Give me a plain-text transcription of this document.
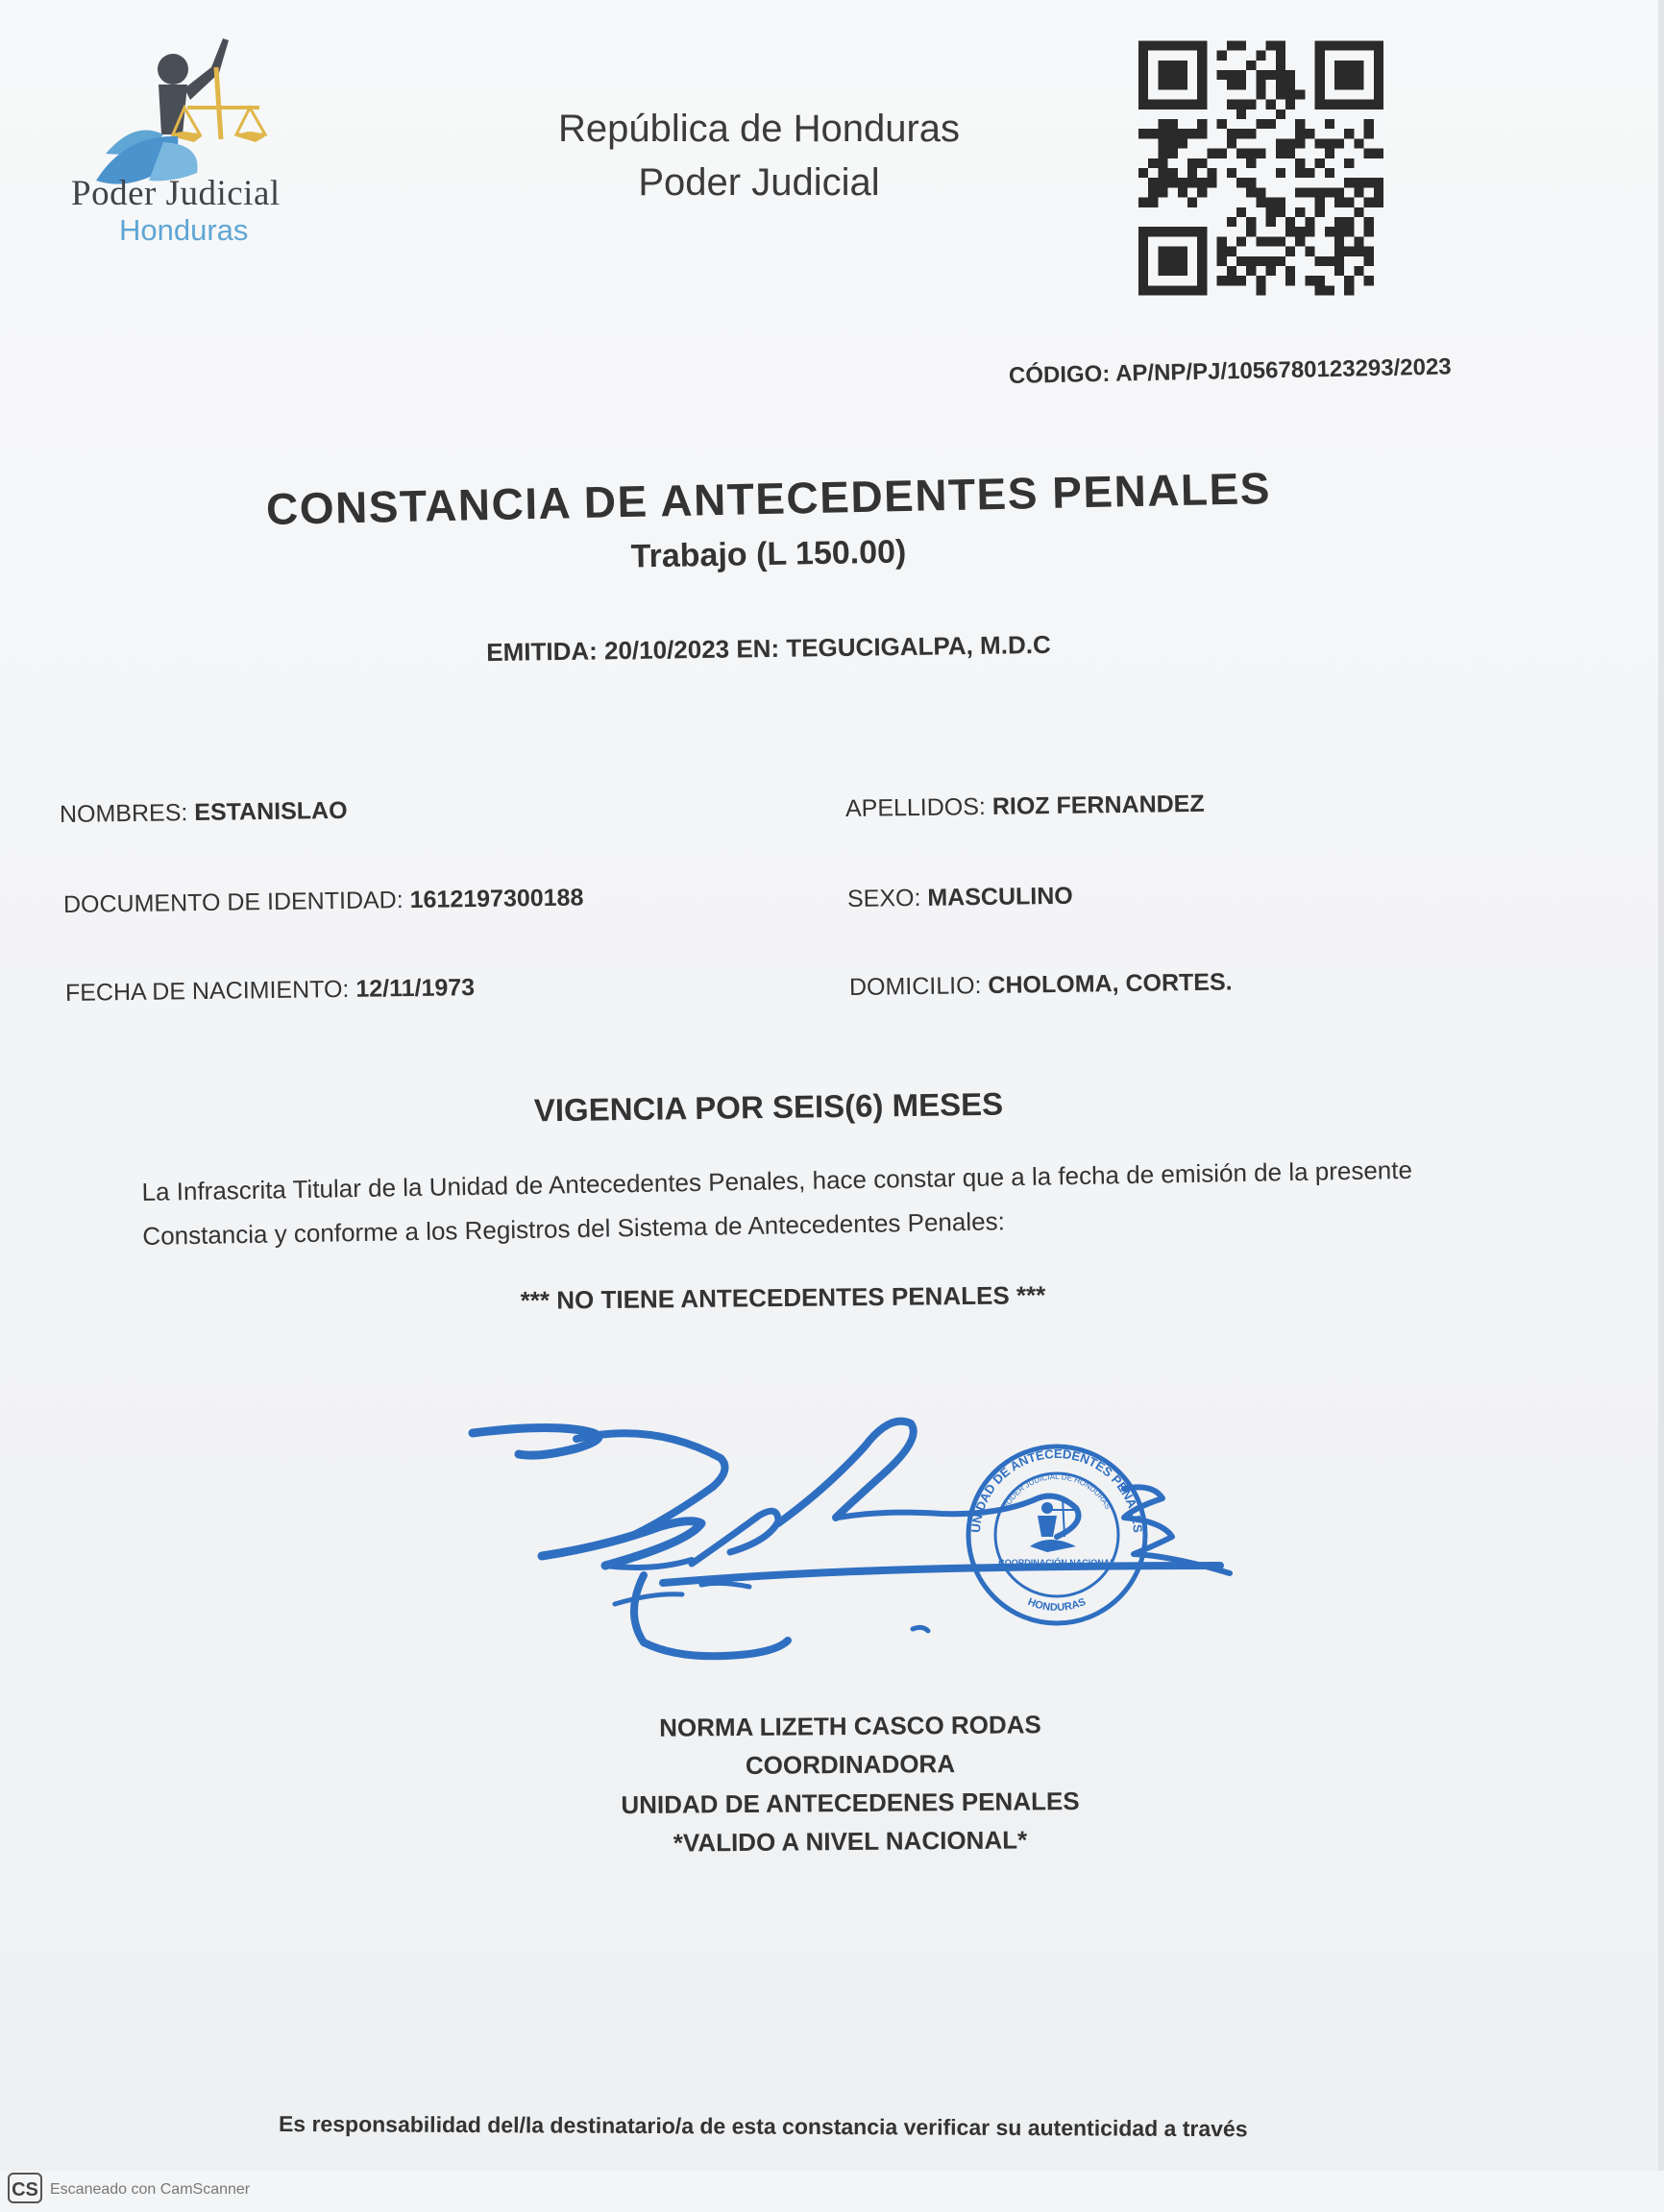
Poder Judicial
Honduras
República de Honduras
Poder Judicial
CÓDIGO: AP/NP/PJ/1056780123293/2023
CONSTANCIA DE ANTECEDENTES PENALES
Trabajo (L 150.00)
EMITIDA: 20/10/2023 EN: TEGUCIGALPA, M.D.C
NOMBRES: ESTANISLAO	APELLIDOS: RIOZ FERNANDEZ
DOCUMENTO DE IDENTIDAD: 1612197300188	SEXO: MASCULINO
FECHA DE NACIMIENTO: 12/11/1973	DOMICILIO: CHOLOMA, CORTES.
VIGENCIA POR SEIS(6) MESES
La Infrascrita Titular de la Unidad de Antecedentes Penales, hace constar que a la fecha de emisión de la presente Constancia y conforme a los Registros del Sistema de Antecedentes Penales:
*** NO TIENE ANTECEDENTES PENALES ***
UNIDAD DE ANTECEDENTES PENALES
PODER JUDICIAL DE HONDURAS
HONDURAS
COORDINACIÓN NACIONAL
NORMA LIZETH CASCO RODAS
COORDINADORA
UNIDAD DE ANTECEDENES PENALES
*VALIDO A NIVEL NACIONAL*
Es responsabilidad del/la destinatario/a de esta constancia verificar su autenticidad a través
CS Escaneado con CamScanner
